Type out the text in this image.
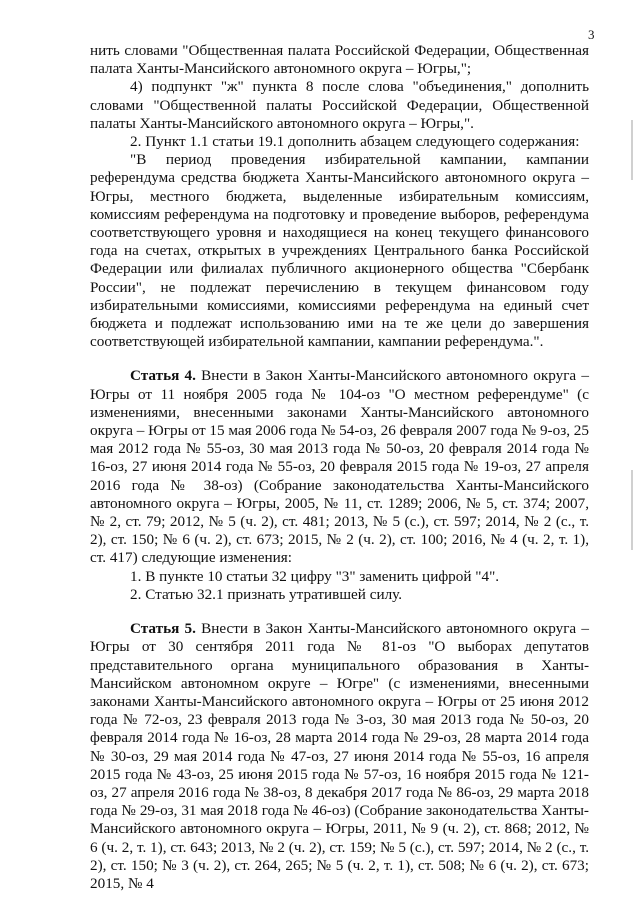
3

нить словами "Общественная палата Российской Федерации, Общественная палата Ханты-Мансийского автономного округа – Югры,";

4) подпункт "ж" пункта 8 после слова "объединения," дополнить словами "Общественной палаты Российской Федерации, Общественной палаты Ханты-Мансийского автономного округа – Югры,".

2. Пункт 1.1 статьи 19.1 дополнить абзацем следующего содержания:

"В период проведения избирательной кампании, кампании референдума средства бюджета Ханты-Мансийского автономного округа – Югры, местного бюджета, выделенные избирательным комиссиям, комиссиям референдума на подготовку и проведение выборов, референдума соответствующего уровня и находящиеся на конец текущего финансового года на счетах, открытых в учреждениях Центрального банка Российской Федерации или филиалах публичного акционерного общества "Сбербанк России", не подлежат перечислению в текущем финансовом году избирательными комиссиями, комиссиями референдума на единый счет бюджета и подлежат использованию ими на те же цели до завершения соответствующей избирательной кампании, кампании референдума.".

Статья 4. Внести в Закон Ханты-Мансийского автономного округа – Югры от 11 ноября 2005 года № 104-оз "О местном референдуме" (с изменениями, внесенными законами Ханты-Мансийского автономного округа – Югры от 15 мая 2006 года № 54-оз, 26 февраля 2007 года № 9-оз, 25 мая 2012 года № 55-оз, 30 мая 2013 года № 50-оз, 20 февраля 2014 года № 16-оз, 27 июня 2014 года № 55-оз, 20 февраля 2015 года № 19-оз, 27 апреля 2016 года № 38-оз) (Собрание законодательства Ханты-Мансийского автономного округа – Югры, 2005, № 11, ст. 1289; 2006, № 5, ст. 374; 2007, № 2, ст. 79; 2012, № 5 (ч. 2), ст. 481; 2013, № 5 (с.), ст. 597; 2014, № 2 (с., т. 2), ст. 150; № 6 (ч. 2), ст. 673; 2015, № 2 (ч. 2), ст. 100; 2016, № 4 (ч. 2, т. 1), ст. 417) следующие изменения:

1. В пункте 10 статьи 32 цифру "3" заменить цифрой "4".

2. Статью 32.1 признать утратившей силу.

Статья 5. Внести в Закон Ханты-Мансийского автономного округа – Югры от 30 сентября 2011 года № 81-оз "О выборах депутатов представительного органа муниципального образования в Ханты-Мансийском автономном округе – Югре" (с изменениями, внесенными законами Ханты-Мансийского автономного округа – Югры от 25 июня 2012 года № 72-оз, 23 февраля 2013 года № 3-оз, 30 мая 2013 года № 50-оз, 20 февраля 2014 года № 16-оз, 28 марта 2014 года № 29-оз, 28 марта 2014 года № 30-оз, 29 мая 2014 года № 47-оз, 27 июня 2014 года № 55-оз, 16 апреля 2015 года № 43-оз, 25 июня 2015 года № 57-оз, 16 ноября 2015 года № 121-оз, 27 апреля 2016 года № 38-оз, 8 декабря 2017 года № 86-оз, 29 марта 2018 года № 29-оз, 31 мая 2018 года № 46-оз) (Собрание законодательства Ханты-Мансийского автономного округа – Югры, 2011, № 9 (ч. 2), ст. 868; 2012, № 6 (ч. 2, т. 1), ст. 643; 2013, № 2 (ч. 2), ст. 159; № 5 (с.), ст. 597; 2014, № 2 (с., т. 2), ст. 150; № 3 (ч. 2), ст. 264, 265; № 5 (ч. 2, т. 1), ст. 508; № 6 (ч. 2), ст. 673; 2015, № 4
